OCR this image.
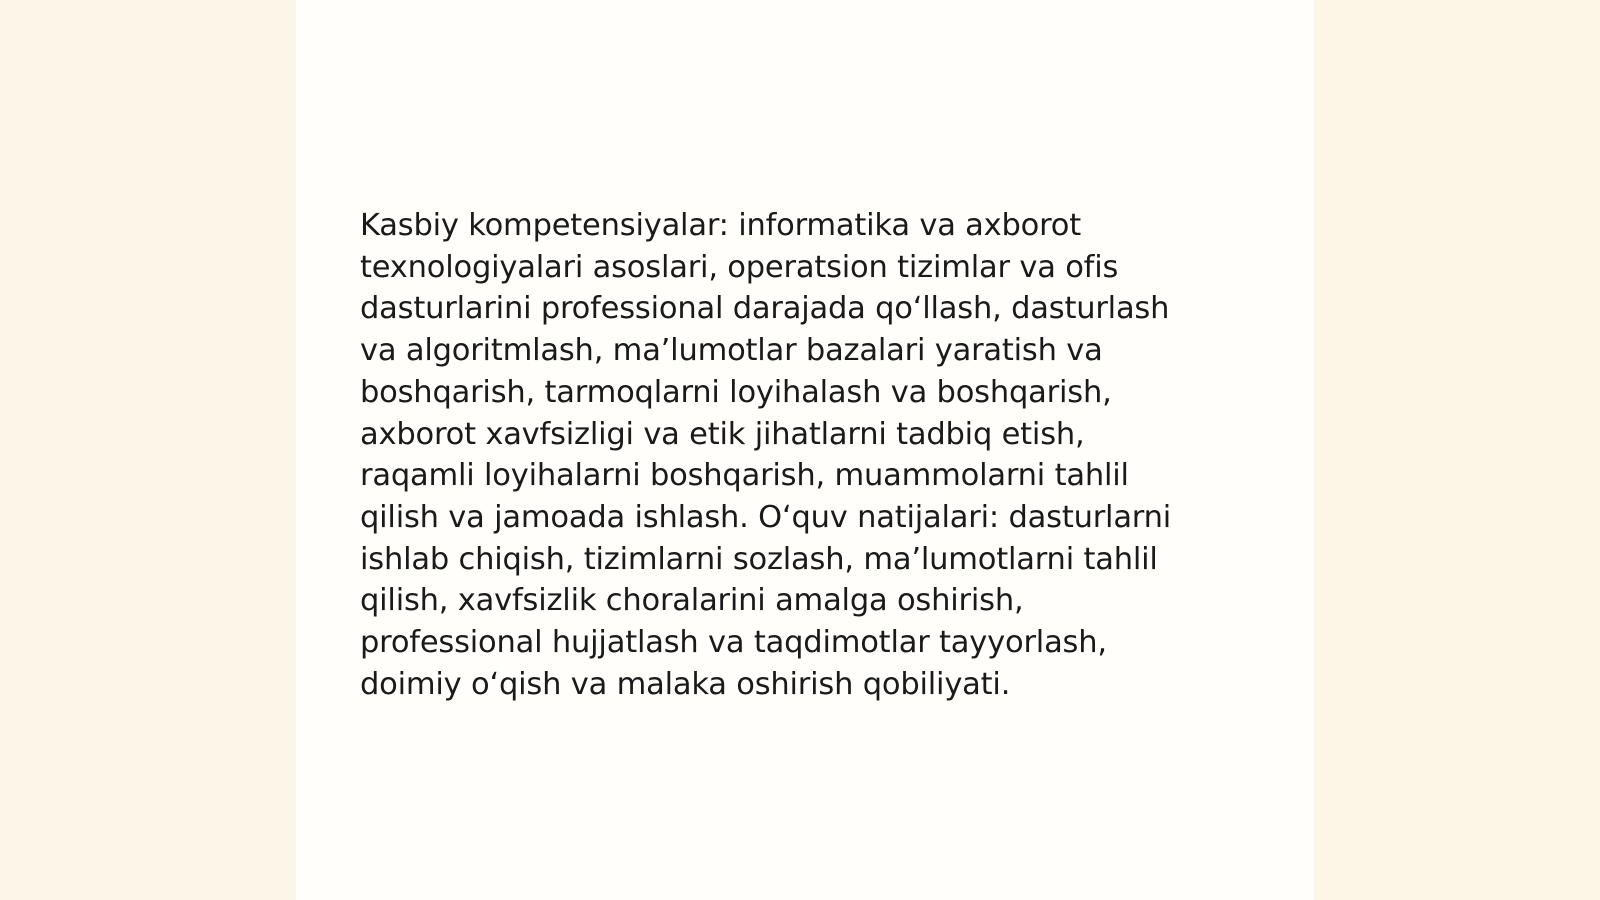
Kasbiy kompetensiyalar: informatika va axborot
texnologiyalari asoslari, operatsion tizimlar va ofis
dasturlarini professional darajada qo‘llash, dasturlash
va algoritmlash, ma’lumotlar bazalari yaratish va
boshqarish, tarmoqlarni loyihalash va boshqarish,
axborot xavfsizligi va etik jihatlarni tadbiq etish,
raqamli loyihalarni boshqarish, muammolarni tahlil
qilish va jamoada ishlash. O‘quv natijalari: dasturlarni
ishlab chiqish, tizimlarni sozlash, ma’lumotlarni tahlil
qilish, xavfsizlik choralarini amalga oshirish,
professional hujjatlash va taqdimotlar tayyorlash,
doimiy o‘qish va malaka oshirish qobiliyati.
